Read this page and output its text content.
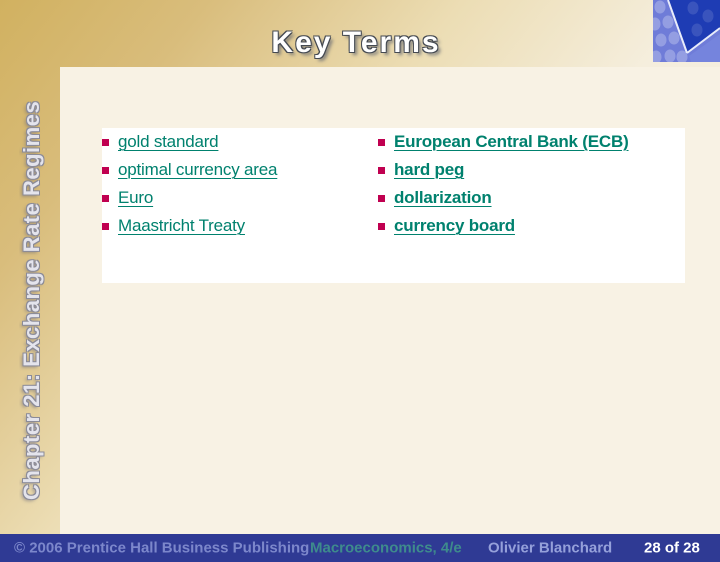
Key Terms
Chapter 21: Exchange Rate Regimes	gold standard
optimal currency area
Euro
Maastricht Treaty
European Central Bank (ECB)
hard peg
dollarization
currency board
© 2006 Prentice Hall Business Publishing Macroeconomics, 4/e Olivier Blanchard 28 of 28
